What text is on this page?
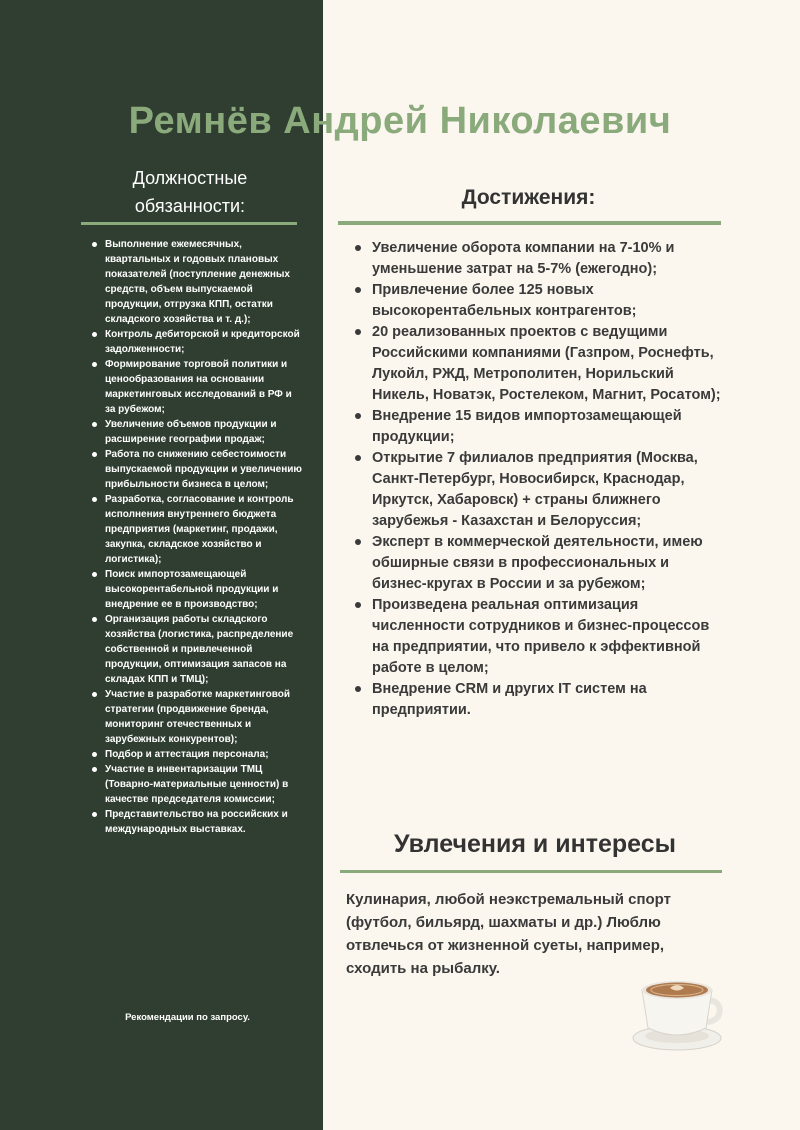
Ремнёв Андрей Николаевич
Должностные
обязанности:
Выполнение ежемесячных, квартальных и годовых плановых показателей (поступление денежных средств, объем выпускаемой продукции, отгрузка КПП, остатки складского хозяйства и т. д.);
Контроль дебиторской и кредиторской задолженности;
Формирование торговой политики и ценообразования на основании маркетинговых исследований в РФ и за рубежом;
Увеличение объемов продукции и расширение географии продаж;
Работа по снижению себестоимости выпускаемой продукции и увеличению прибыльности бизнеса в целом;
Разработка, согласование и контроль исполнения внутреннего бюджета предприятия (маркетинг, продажи, закупка, складское хозяйство и логистика);
Поиск импортозамещающей высокорентабельной продукции и внедрение ее в производство;
Организация работы складского хозяйства (логистика, распределение собственной и привлеченной продукции, оптимизация запасов на складах КПП и ТМЦ);
Участие в разработке маркетинговой стратегии (продвижение бренда, мониторинг отечественных и зарубежных конкурентов);
Подбор и аттестация персонала;
Участие в инвентаризации ТМЦ (Товарно-материальные ценности) в качестве председателя комиссии;
Представительство на российских и международных выставках.
Рекомендации по запросу.
Достижения:
Увеличение оборота компании на 7-10% и уменьшение затрат на 5-7% (ежегодно);
Привлечение более 125 новых высокорентабельных контрагентов;
20 реализованных проектов с ведущими Российскими компаниями (Газпром, Роснефть, Лукойл, РЖД, Метрополитен, Норильский Никель, Новатэк, Ростелеком, Магнит, Росатом);
Внедрение 15 видов импортозамещающей продукции;
Открытие 7 филиалов предприятия (Москва, Санкт-Петербург, Новосибирск, Краснодар, Иркутск, Хабаровск) + страны ближнего зарубежья - Казахстан и Белоруссия;
Эксперт в коммерческой деятельности, имею обширные связи в профессиональных и бизнес-кругах в России и за рубежом;
Произведена реальная оптимизация численности сотрудников и бизнес-процессов на предприятии, что привело к эффективной работе в целом;
Внедрение CRM и других IT систем на предприятии.
Увлечения и интересы

Кулинария, любой неэкстремальный спорт (футбол, бильярд, шахматы и др.) Люблю отвлечься от жизненной суеты, например, сходить на рыбалку.
